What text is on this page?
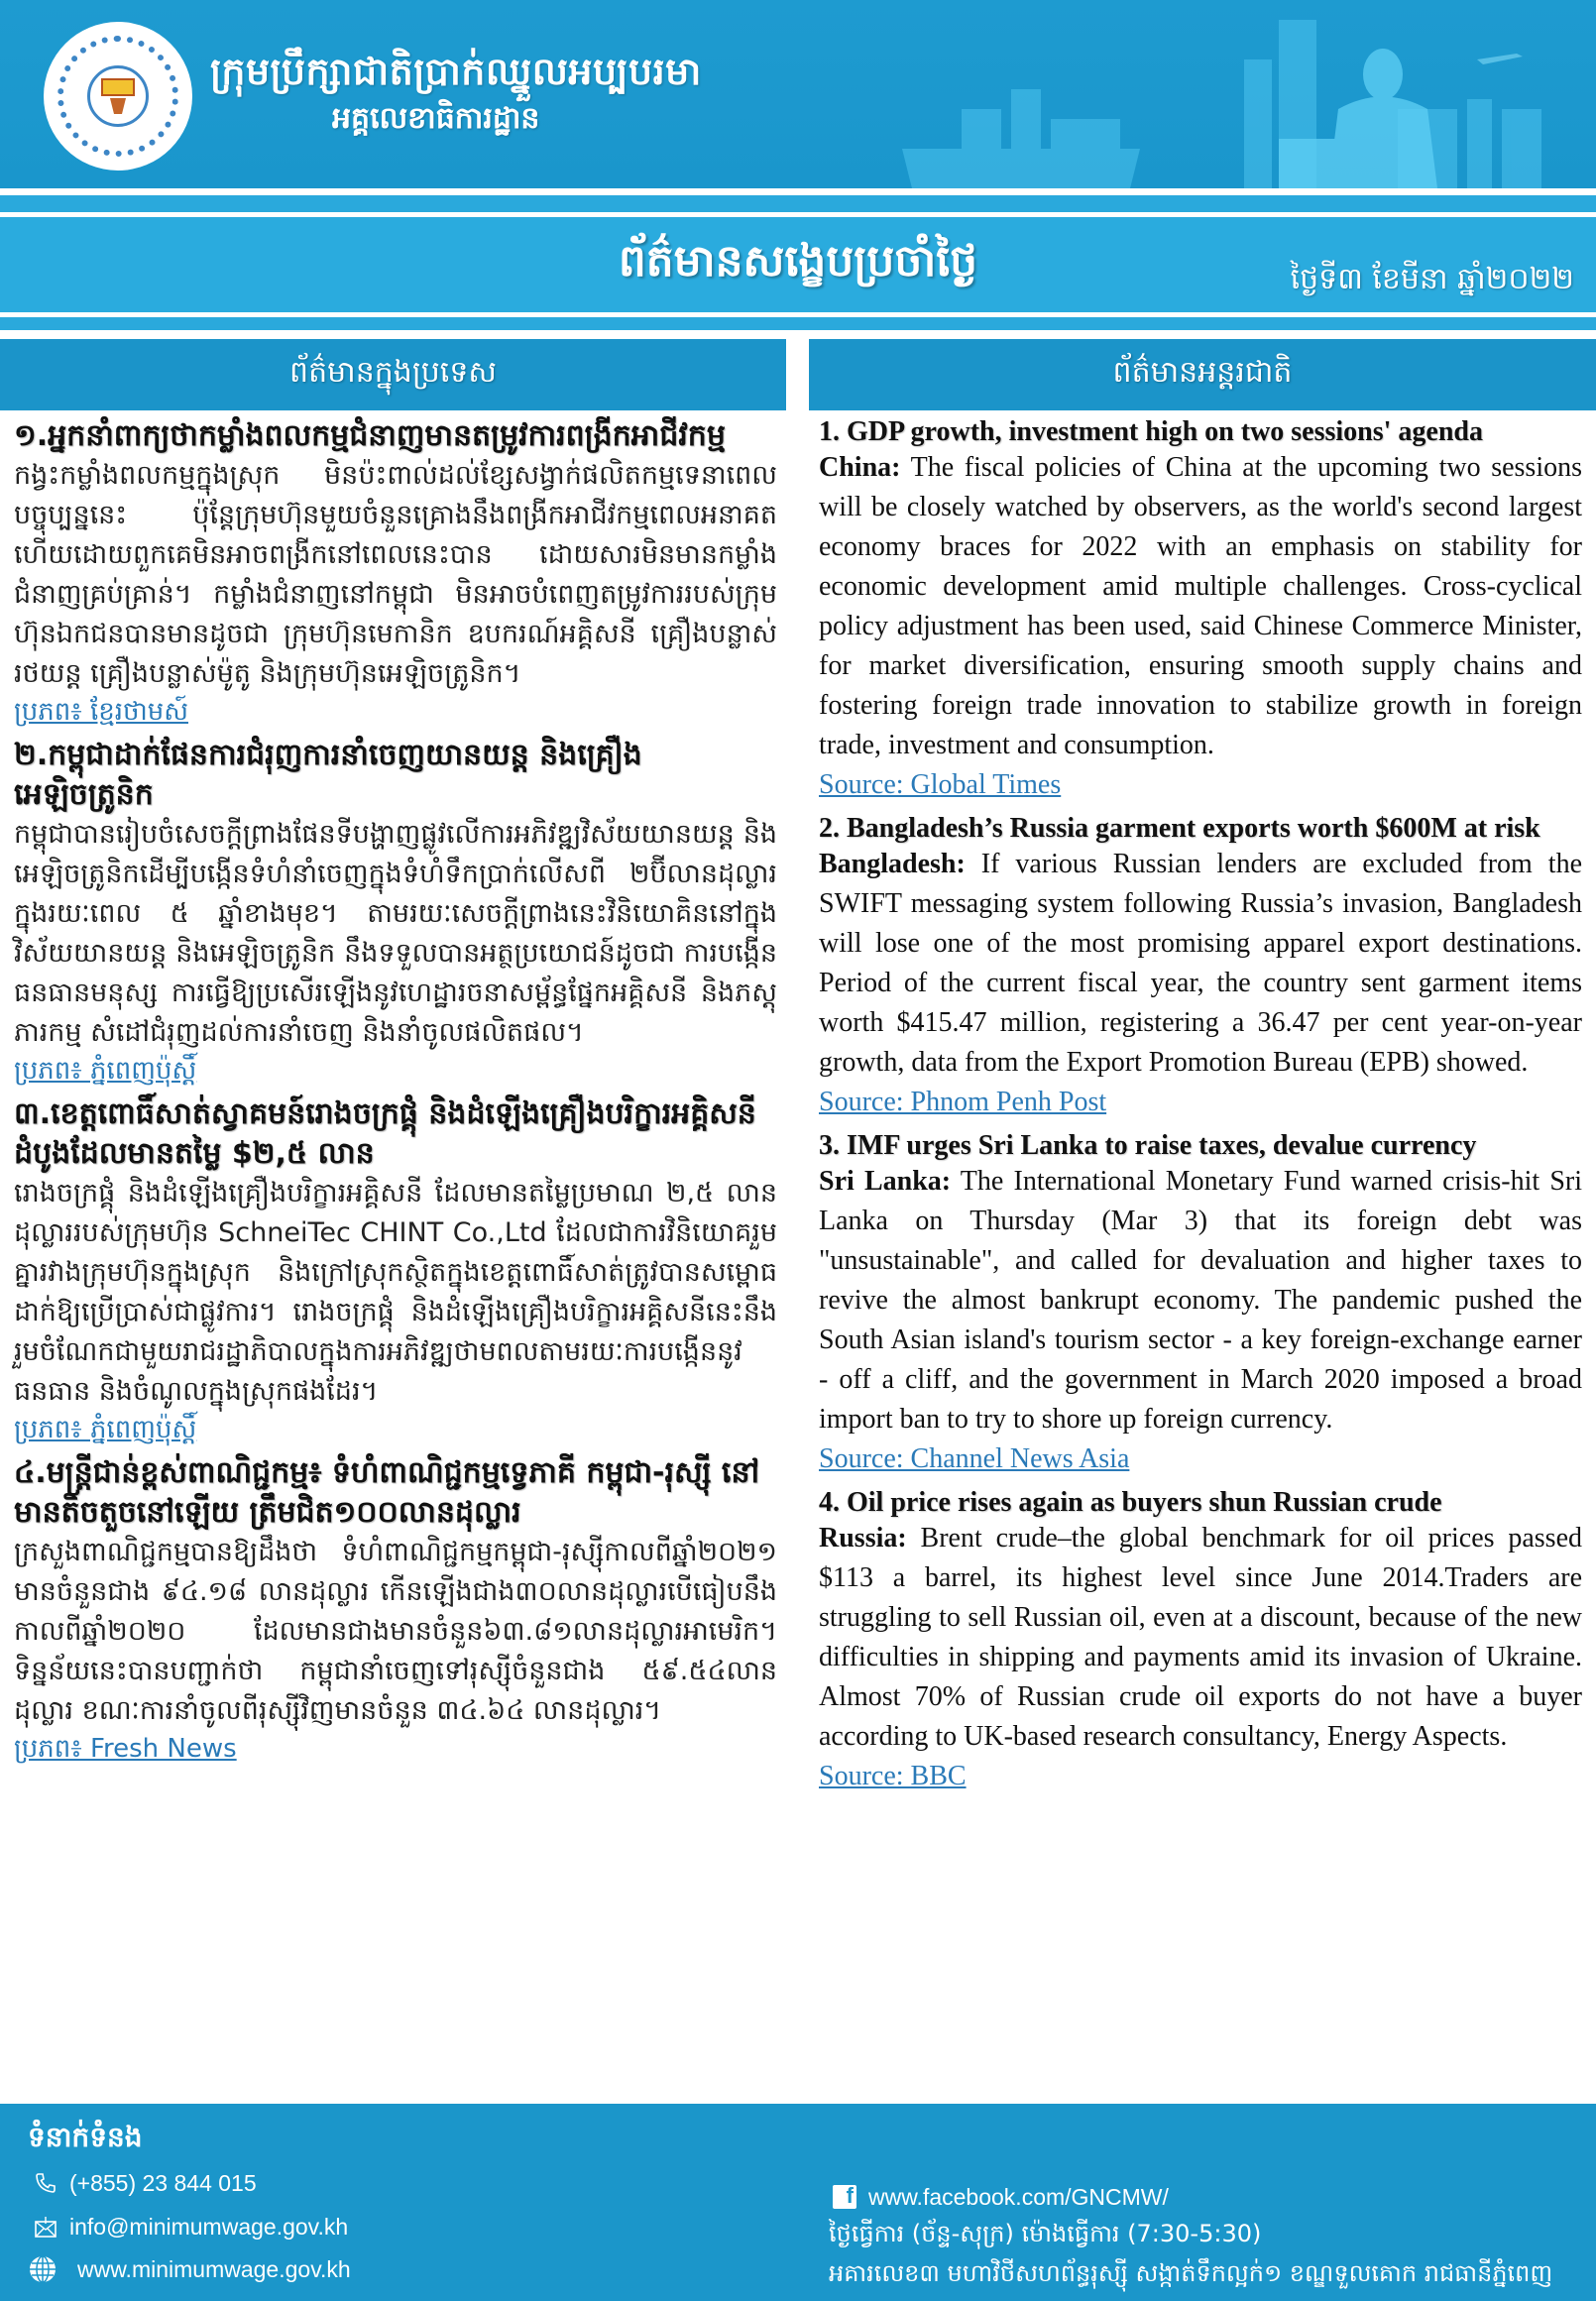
ក្រុមប្រឹក្សាជាតិប្រាក់ឈ្នួលអប្បបរមា
អគ្គលេខាធិការដ្ឋាន
ព័ត៌មានសង្ខេបប្រចាំថ្ងៃ	ថ្ងៃទី៣ ខែមីនា ឆ្នាំ២០២២
ព័ត៌មានក្នុងប្រទេស	ព័ត៌មានអន្តរជាតិ
១.អ្នកនាំពាក្យថាកម្លាំងពលកម្មជំនាញមានតម្រូវការពង្រីកអាជីវកម្ម
កង្វះកម្លាំងពលកម្មក្នុងស្រុក មិនប៉ះពាល់ដល់ខ្សែសង្វាក់ផលិតកម្មទេនាពេលបច្ចុប្បន្ននេះ ប៉ុន្តែក្រុមហ៊ុនមួយចំនួនគ្រោងនឹងពង្រីកអាជីវកម្មពេលអនាគតហើយដោយពួកគេមិនអាចពង្រីកនៅពេលនេះបាន ដោយសារមិនមានកម្លាំងជំនាញគ្រប់គ្រាន់។ កម្លាំងជំនាញនៅកម្ពុជា មិនអាចបំពេញតម្រូវការរបស់ក្រុមហ៊ុនឯកជនបានមានដូចជា ក្រុមហ៊ុនមេកានិក ឧបករណ៍អគ្គិសនី គ្រឿងបន្លាស់រថយន្ត គ្រឿងបន្លាស់ម៉ូតូ និងក្រុមហ៊ុនអេឡិចត្រូនិក។
ប្រភព៖ ខ្មែរថាមស៍
២.កម្ពុជាដាក់ផែនការជំរុញការនាំចេញយានយន្ត និងគ្រឿងអេឡិចត្រូនិក
កម្ពុជាបានរៀបចំសេចក្ដីព្រាងផែនទីបង្ហាញផ្លូវលើការអភិវឌ្ឍវិស័យយានយន្ត និងអេឡិចត្រូនិកដើម្បីបង្កើនទំហំនាំចេញក្នុងទំហំទឹកប្រាក់លើសពី ២ប៊ីលានដុល្លារក្នុងរយៈពេល ៥ ឆ្នាំខាងមុខ។ តាមរយៈសេចក្ដីព្រាងនេះវិនិយោគិននៅក្នុងវិស័យយានយន្ត និងអេឡិចត្រូនិក នឹងទទួលបានអត្ថប្រយោជន៍ដូចជា ការបង្កើនធនធានមនុស្ស ការធ្វើឱ្យប្រសើរឡើងនូវហេដ្ឋារចនាសម្ព័ន្ធផ្នែកអគ្គិសនី និងភស្តុភារកម្ម សំដៅជំរុញដល់ការនាំចេញ និងនាំចូលផលិតផល។
ប្រភព៖ ភ្នំពេញប៉ុស្ដិ៍
៣.ខេត្តពោធិ៍សាត់ស្វាគមន៍រោងចក្រផ្គុំ និងដំឡើងគ្រឿងបរិក្ខារអគ្គិសនីដំបូងដែលមានតម្លៃ $២,៥ លាន
រោងចក្រផ្គុំ និងដំឡើងគ្រឿងបរិក្ខារអគ្គិសនី ដែលមានតម្លៃប្រមាណ ២,៥ លានដុល្លាររបស់ក្រុមហ៊ុន SchneiTec CHINT Co.,Ltd ដែលជាការវិនិយោគរួមគ្នារវាងក្រុមហ៊ុនក្នុងស្រុក និងក្រៅស្រុកស្ថិតក្នុងខេត្តពោធិ៍សាត់ត្រូវបានសម្ពោធដាក់ឱ្យប្រើប្រាស់ជាផ្លូវការ។ រោងចក្រផ្គុំ និងដំឡើងគ្រឿងបរិក្ខារអគ្គិសនីនេះនឹងរួមចំណែកជាមួយរាជរដ្ឋាភិបាលក្នុងការអភិវឌ្ឍថាមពលតាមរយៈការបង្កើននូវធនធាន និងចំណូលក្នុងស្រុកផងដែរ។
ប្រភព៖ ភ្នំពេញប៉ុស្ដិ៍
៤.មន្ត្រីជាន់ខ្ពស់ពាណិជ្ជកម្ម៖ ទំហំពាណិជ្ជកម្មទ្វេភាគី កម្ពុជា-រុស្ស៊ី នៅមានតិចតួចនៅឡើយ ត្រឹមជិត១០០លានដុល្លារ
ក្រសួងពាណិជ្ជកម្មបានឱ្យដឹងថា ទំហំពាណិជ្ជកម្មកម្ពុជា-រុស្ស៊ីកាលពីឆ្នាំ២០២១ មានចំនួនជាង ៩៤.១៨ លានដុល្លារ កើនឡើងជាង៣០លានដុល្លារបើធៀបនឹងកាលពីឆ្នាំ២០២០ ដែលមានជាងមានចំនួន៦៣.៨១លានដុល្លារអាមេរិក។ ទិន្នន័យនេះបានបញ្ជាក់ថា កម្ពុជានាំចេញទៅរុស្ស៊ីចំនួនជាង ៥៩.៥៤លានដុល្លារ ខណៈការនាំចូលពីរុស្ស៊ីវិញមានចំនួន ៣៤.៦៤ លានដុល្លារ។
ប្រភព៖ Fresh News
1. GDP growth, investment high on two sessions' agenda
China: The fiscal policies of China at the upcoming two sessions will be closely watched by observers, as the world's second largest economy braces for 2022 with an emphasis on stability for economic development amid multiple challenges. Cross-cyclical policy adjustment has been used, said Chinese Commerce Minister, for market diversification, ensuring smooth supply chains and fostering foreign trade innovation to stabilize growth in foreign trade, investment and consumption.
Source: Global Times
2. Bangladesh’s Russia garment exports worth $600M at risk
Bangladesh: If various Russian lenders are excluded from the SWIFT messaging system following Russia’s invasion, Bangladesh will lose one of the most promising apparel export destinations. Period of the current fiscal year, the country sent garment items worth $415.47 million, registering a 36.47 per cent year-on-year growth, data from the Export Promotion Bureau (EPB) showed.
Source: Phnom Penh Post
3. IMF urges Sri Lanka to raise taxes, devalue currency
Sri Lanka: The International Monetary Fund warned crisis-hit Sri Lanka on Thursday (Mar 3) that its foreign debt was "unsustainable", and called for devaluation and higher taxes to revive the almost bankrupt economy. The pandemic pushed the South Asian island's tourism sector - a key foreign-exchange earner - off a cliff, and the government in March 2020 imposed a broad import ban to try to shore up foreign currency.
Source: Channel News Asia
4. Oil price rises again as buyers shun Russian crude
Russia: Brent crude–the global benchmark for oil prices passed $113 a barrel, its highest level since June 2014.Traders are struggling to sell Russian oil, even at a discount, because of the new difficulties in shipping and payments amid its invasion of Ukraine. Almost 70% of Russian crude oil exports do not have a buyer according to UK-based research consultancy, Energy Aspects.
Source: BBC
ទំនាក់ទំនង
(+855) 23 844 015
info@minimumwage.gov.kh
www.minimumwage.gov.kh
f www.facebook.com/GNCMW/
ថ្ងៃធ្វើការ (ច័ន្ទ-សុក្រ) ម៉ោងធ្វើការ (7:30-5:30)
អគារលេខ៣ មហាវិថីសហព័ន្ធរុស្ស៊ី សង្កាត់ទឹកល្អក់១ ខណ្ឌទួលគោក រាជធានីភ្នំពេញ
